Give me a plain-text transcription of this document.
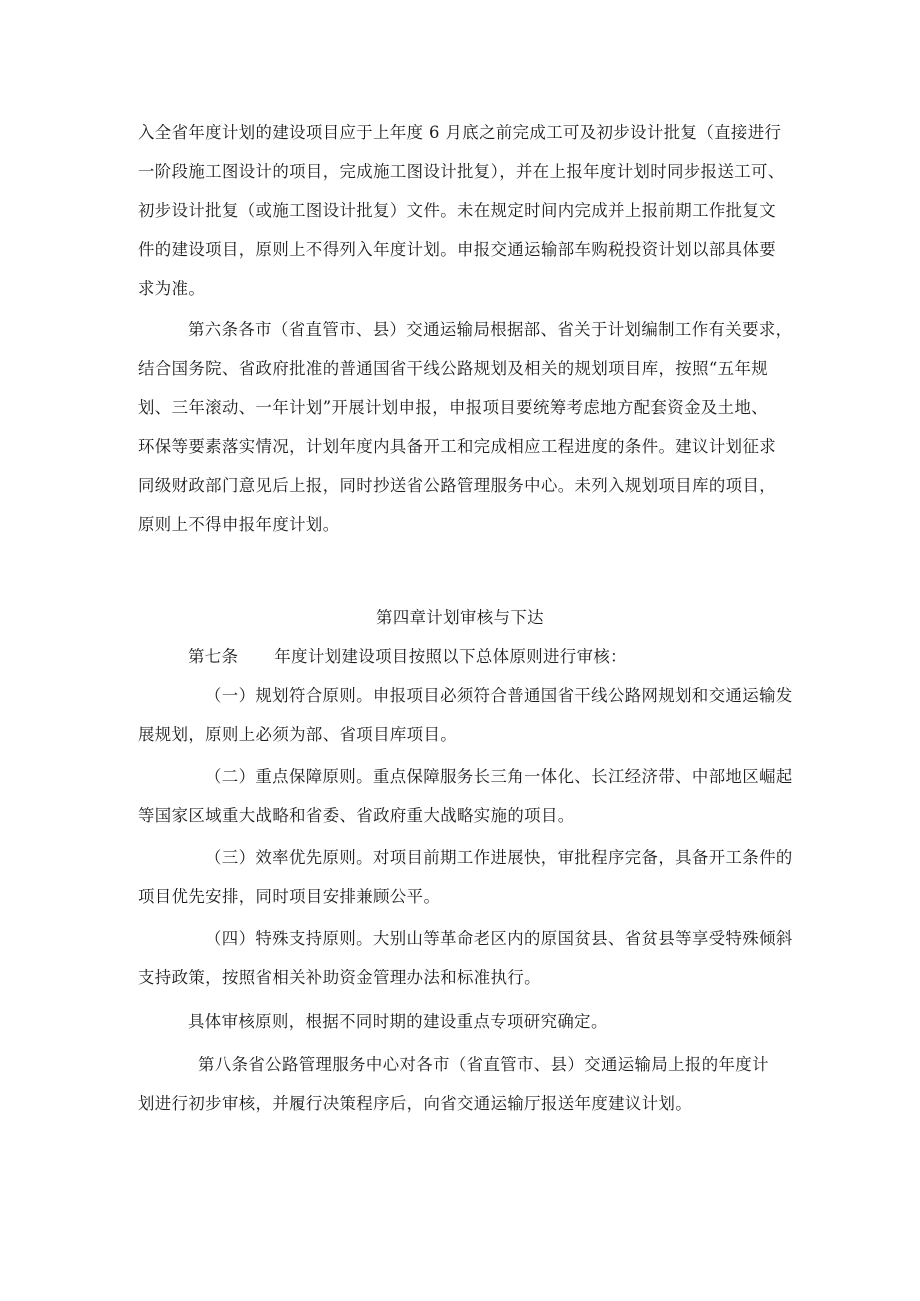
入全省年度计划的建设项目应于上年度 6 月底之前完成工可及初步设计批复（直接进行
一阶段施工图设计的项目，完成施工图设计批复），并在上报年度计划时同步报送工可、
初步设计批复（或施工图设计批复）文件。未在规定时间内完成并上报前期工作批复文
件的建设项目，原则上不得列入年度计划。申报交通运输部车购税投资计划以部具体要
求为准。
第六条各市（省直管市、县）交通运输局根据部、省关于计划编制工作有关要求，
结合国务院、省政府批准的普通国省干线公路规划及相关的规划项目库，按照“五年规
划、三年滚动、一年计划”开展计划申报，申报项目要统筹考虑地方配套资金及土地、
环保等要素落实情况，计划年度内具备开工和完成相应工程进度的条件。建议计划征求
同级财政部门意见后上报，同时抄送省公路管理服务中心。未列入规划项目库的项目，
原则上不得申报年度计划。
第四章计划审核与下达
第七条 年度计划建设项目按照以下总体原则进行审核：
（一）规划符合原则。申报项目必须符合普通国省干线公路网规划和交通运输发
展规划，原则上必须为部、省项目库项目。
（二）重点保障原则。重点保障服务长三角一体化、长江经济带、中部地区崛起
等国家区域重大战略和省委、省政府重大战略实施的项目。
（三）效率优先原则。对项目前期工作进展快，审批程序完备，具备开工条件的
项目优先安排，同时项目安排兼顾公平。
（四）特殊支持原则。大别山等革命老区内的原国贫县、省贫县等享受特殊倾斜
支持政策，按照省相关补助资金管理办法和标准执行。
具体审核原则，根据不同时期的建设重点专项研究确定。
第八条省公路管理服务中心对各市（省直管市、县）交通运输局上报的年度计
划进行初步审核，并履行决策程序后，向省交通运输厅报送年度建议计划。
